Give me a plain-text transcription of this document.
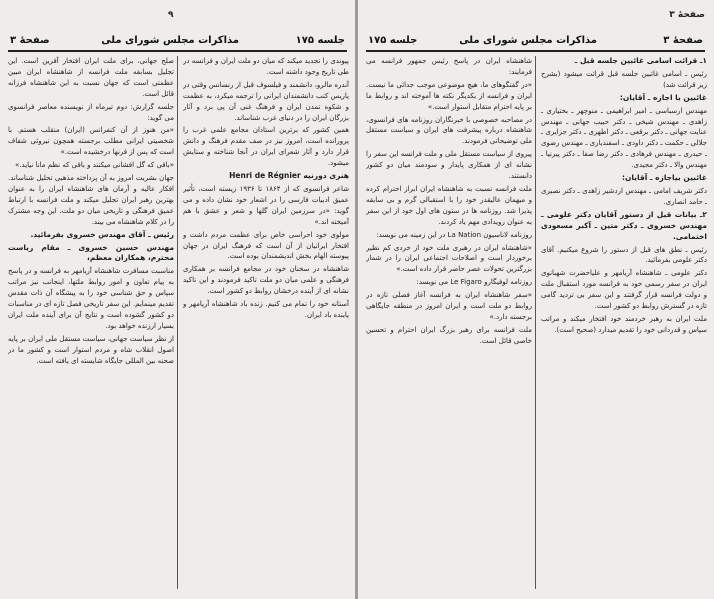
٩
جلسه ۱۷۵
مذاکرات مجلس شورای ملی
صفحهٔ ۳

صلح جهانی، برای ملت ایران افتخار آفرین است. این تجلیل بسابقه ملت فرانسه از شاهنشاه ایران مبین عظمتی است که جهان نسبت به این شاهنشاه فرزانه قائل است.

جلسه گزارش: دوم تیرماه از نویسنده معاصر فرانسوی می گوید:

«من هنوز از آن کنفرانس (ایران) منقلب هستم. با شخصیتی ایرانی مطلب برجسته همچون نیروئی شفاف است که پس از قرنها درخشیده است.»

«باقی که گل افشانی میکنند و باقی که نظم مانا نیاید.»

جهان بشریت امروز به آن پرداخته مذهبی تحلیل شناساند. افکار عالیه و آرمان های شاهنشاه ایران را به عنوان بهترین رهبر ایران تجلیل میکند و ملت فرانسه با ارتباط عمیق فرهنگی و تاریخی میان دو ملت، این وجه مشترک را در کلام شاهنشاه می بیند.

رئیس ـ آقای مهندس خسروی بفرمائید.

مهندس حسین خسروی ـ مقام ریاست محترم، همکاران معظم،

مناسبت مسافرت شاهنشاه آریامهر به فرانسه و در پاسخ به پیام تعاون و امور روابط ملتها، اینجانب نیز مراتب سپاس و حق شناسی خود را به پیشگاه آن ذات مقدس تقدیم مینمایم. این سفر تاریخی فصل تازه ای در مناسبات دو کشور گشوده است و نتایج آن برای آینده ملت ایران بسیار ارزنده خواهد بود.

از نظر سیاست جهانی، سیاست مستقل ملی ایران بر پایه اصول انقلاب شاه و مردم استوار است و کشور ما در صحنه بین المللی جایگاه شایسته ای یافته است.

پیوندی را تجدید میکند که میان دو ملت ایران و فرانسه در طی تاریخ وجود داشته است.

آندره مالرو، دانشمند و فیلسوف قبل از رنسانس وقتی در پاریس کتب دانشمندان ایرانی را ترجمه میکرد، به عظمت و شکوه تمدن ایران و فرهنگ غنی آن پی برد و آثار بزرگان ایران را در دنیای غرب شناساند.

همین کشور که برترین استادان مجامع علمی غرب را پرورانده است، امروز نیز در صف مقدم فرهنگ و دانش قرار دارد و آثار شعرای ایران در آنجا شناخته و ستایش میشود.

هنری دورنیه Henri de Régnier

شاعر فرانسوی که از ۱۸۶۴ تا ۱۹۳۶ زیسته است، تأثیر عمیق ادبیات فارسی را در اشعار خود نشان داده و می گوید: «در سرزمین ایران گلها و شعر و عشق با هم آمیخته اند.»

مولوی خود احراسی خاص برای عظمت مردم داشت و افتخار ایرانیان از آن است که فرهنگ ایران در جهان پیوسته الهام بخش اندیشمندان بوده است.

شاهنشاه در سخنان خود در مجامع فرانسه بر همکاری فرهنگی و علمی میان دو ملت تاکید فرمودند و این تاکید نشانه ای از آینده درخشان روابط دو کشور است.

آستانه خود را تمام می کنیم. زنده باد شاهنشاه آریامهر و پاینده باد ایران.

صفحهٔ ۳
صفحهٔ ۳
مذاکرات مجلس شورای ملی
جلسه ۱۷۵

شاهنشاه ایران در پاسخ رئیس جمهور فرانسه می فرمایند:

«در گفتگوهای ما، هیچ موضوعی موجب جدائی ما نیست. ایران و فرانسه از یکدیگر نکته ها آموخته اند و روابط ما بر پایه احترام متقابل استوار است.»

در مصاحبه خصوصی با خبرنگاران روزنامه های فرانسوی، شاهنشاه درباره پیشرفت های ایران و سیاست مستقل ملی توضیحاتی فرمودند.

پیروی از سیاست مستقل ملی و ملت فرانسه این سفر را نشانه ای از همکاری پایدار و سودمند میان دو کشور دانستند.

ملت فرانسه نسبت به شاهنشاه ایران ابراز احترام کرده و میهمان عالیقدر خود را با استقبالی گرم و بی سابقه پذیرا شد. روزنامه ها در ستون های اول خود از این سفر به عنوان رویدادی مهم یاد کردند.

روزنامه لاناسیون La Nation در این زمینه می نویسد:

«شاهنشاه ایران در رهبری ملت خود از خردی کم نظیر برخوردار است و اصلاحات اجتماعی ایران را در شمار بزرگترین تحولات عصر حاضر قرار داده است.»

روزنامه لوفیگارو Le Figaro می نویسد:

«سفر شاهنشاه ایران به فرانسه آغاز فصلی تازه در روابط دو ملت است و ایران امروز در منطقه جایگاهی برجسته دارد.»

ملت فرانسه برای رهبر بزرگ ایران احترام و تحسین خاصی قائل است.

۱ـ قرائت اسامی غائبین جلسه قبل ـ

رئیس ـ اسامی غائبین جلسه قبل قرائت میشود (بشرح زیر قرائت شد)

غائبین با اجازه ـ آقایان:

مهندس ارسباسی ـ امیر ابراهیمی ـ منوچهر ـ بختیاری ـ زاهدی ـ مهندس شیخی ـ دکتر حبیب جهانی ـ مهندس عنایت جهانی ـ دکتر برقعی ـ دکتر اطهری ـ دکتر جزایری ـ جلالی ـ حکمت ـ دکتر داودی ـ اسفندیاری ـ مهندس رضوی ـ حیدری ـ مهندس فرهادی ـ دکتر رضا صفا ـ دکتر پیرنیا ـ مهندس والا ـ دکتر مجیدی.

غائبین بیاجازه ـ آقایان:

دکتر شریف امامی ـ مهندس اردشیر زاهدی ـ دکتر نصیری ـ حامد انصاری.

۲ـ بیانات قبل از دستور آقایان دکتر علومی ـ مهندس خسروی ـ دکتر متین ـ آکبر مسعودی اختمامی.

رئیس ـ نطق های قبل از دستور را شروع میکنیم. آقای دکتر علومی بفرمائید.

دکتر علومی ـ شاهنشاه آریامهر و علیاحضرت شهبانوی ایران در سفر رسمی خود به فرانسه مورد استقبال ملت و دولت فرانسه قرار گرفتند و این سفر بی تردید گامی تازه در گسترش روابط دو کشور است.

ملت ایران به رهبر خردمند خود افتخار میکند و مراتب سپاس و قدردانی خود را تقدیم میدارد (صحیح است).
